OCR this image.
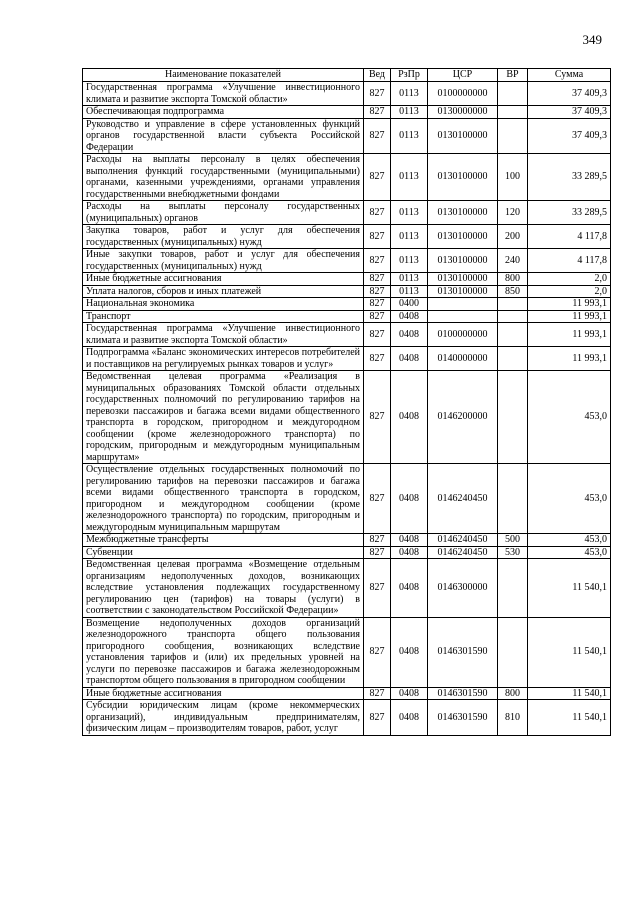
349
Наименование показателей	Вед	РзПр	ЦСР	ВР	Сумма
Государственная программа «Улучшение инвестиционного климата и развитие экспорта Томской области»	827	0113	0100000000		37 409,3
Обеспечивающая подпрограмма	827	0113	0130000000		37 409,3
Руководство и управление в сфере установленных функций органов государственной власти субъекта Российской Федерации	827	0113	0130100000		37 409,3
Расходы на выплаты персоналу в целях обеспечения выполнения функций государственными (муниципальными) органами, казенными учреждениями, органами управления государственными внебюджетными фондами	827	0113	0130100000	100	33 289,5
Расходы на выплаты персоналу государственных (муниципальных) органов	827	0113	0130100000	120	33 289,5
Закупка товаров, работ и услуг для обеспечения государственных (муниципальных) нужд	827	0113	0130100000	200	4 117,8
Иные закупки товаров, работ и услуг для обеспечения государственных (муниципальных) нужд	827	0113	0130100000	240	4 117,8
Иные бюджетные ассигнования	827	0113	0130100000	800	2,0
Уплата налогов, сборов и иных платежей	827	0113	0130100000	850	2,0
Национальная экономика	827	0400			11 993,1
Транспорт	827	0408			11 993,1
Государственная программа «Улучшение инвестиционного климата и развитие экспорта Томской области»	827	0408	0100000000		11 993,1
Подпрограмма «Баланс экономических интересов потребителей и поставщиков на регулируемых рынках товаров и услуг»	827	0408	0140000000		11 993,1
Ведомственная целевая программа «Реализация в муниципальных образованиях Томской области отдельных государственных полномочий по регулированию тарифов на перевозки пассажиров и багажа всеми видами общественного транспорта в городском, пригородном и междугородном сообщении (кроме железнодорожного транспорта) по городским, пригородным и междугородным муниципальным маршрутам»	827	0408	0146200000		453,0
Осуществление отдельных государственных полномочий по регулированию тарифов на перевозки пассажиров и багажа всеми видами общественного транспорта в городском, пригородном и междугородном сообщении (кроме железнодорожного транспорта) по городским, пригородным и междугородным муниципальным маршрутам	827	0408	0146240450		453,0
Межбюджетные трансферты	827	0408	0146240450	500	453,0
Субвенции	827	0408	0146240450	530	453,0
Ведомственная целевая программа «Возмещение отдельным организациям недополученных доходов, возникающих вследствие установления подлежащих государственному регулированию цен (тарифов) на товары (услуги) в соответствии с законодательством Российской Федерации»	827	0408	0146300000		11 540,1
Возмещение недополученных доходов организаций железнодорожного транспорта общего пользования пригородного сообщения, возникающих вследствие установления тарифов и (или) их предельных уровней на услуги по перевозке пассажиров и багажа железнодорожным транспортом общего пользования в пригородном сообщении	827	0408	0146301590		11 540,1
Иные бюджетные ассигнования	827	0408	0146301590	800	11 540,1
Субсидии юридическим лицам (кроме некоммерческих организаций), индивидуальным предпринимателям, физическим лицам – производителям товаров, работ, услуг	827	0408	0146301590	810	11 540,1
